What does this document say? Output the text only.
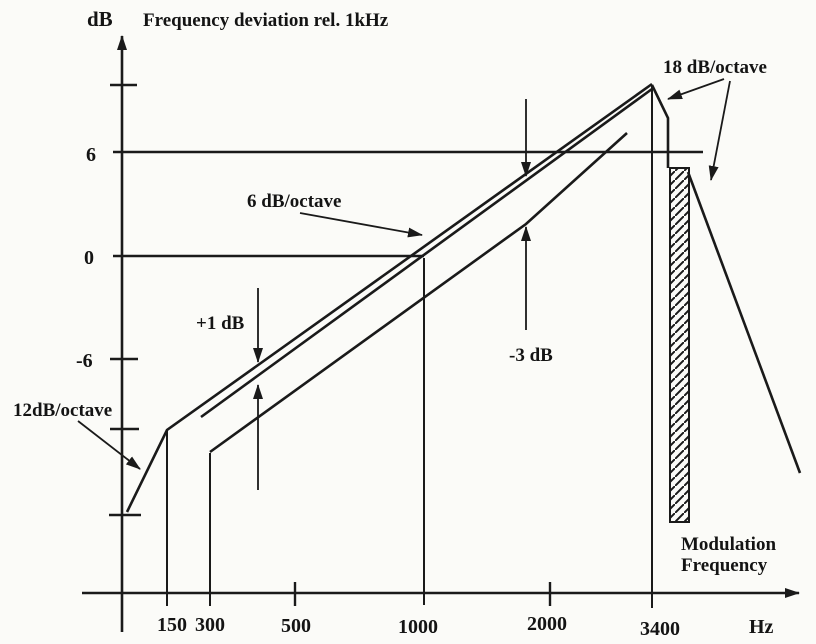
dB Frequency deviation rel. 1kHz
6
0
-6
12dB/octave
+1 dB
6 dB/octave
-3 dB
18 dB/octave
Modulation
Frequency
150 300	500	1000	2000	3400	Hz
